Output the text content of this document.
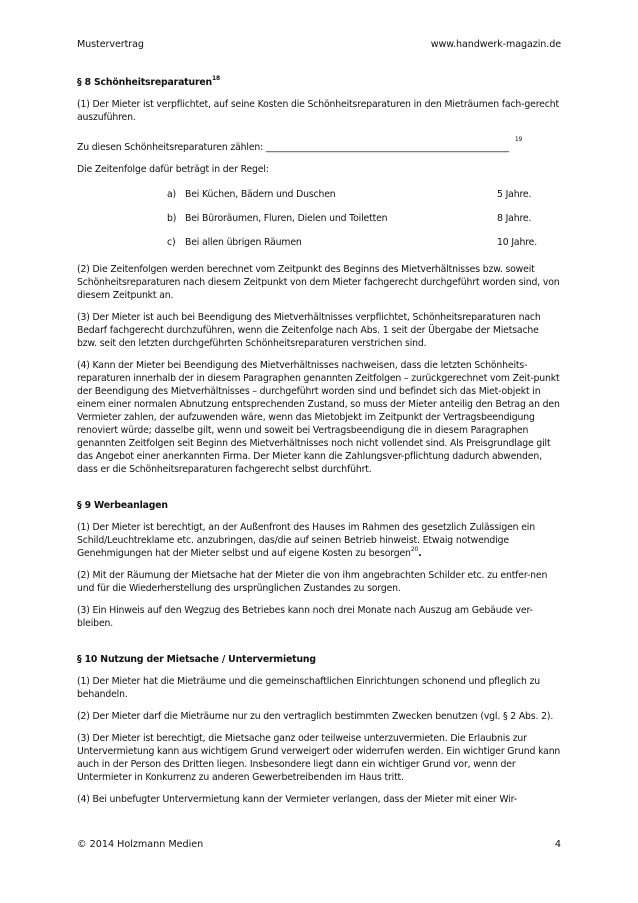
Mustervertrag	www.handwerk-magazin.de

§ 8 Schönheitsreparaturen$^{18}$

(1) Der Mieter ist verpflichtet, auf seine Kosten die Schönheitsreparaturen in den Mieträumen fach-gerecht auszuführen.

Zu diesen Schönheitsreparaturen zählen: ______________________________________________________$^{19}$

Die Zeitenfolge dafür beträgt in der Regel:

a) Bei Küchen, Bädern und Duschen	5 Jahre.
b) Bei Büroräumen, Fluren, Dielen und Toiletten	8 Jahre.
c)	Bei allen übrigen Räumen	10 Jahre.

(2) Die Zeitenfolgen werden berechnet vom Zeitpunkt des Beginns des Mietverhältnisses bzw. soweit Schönheitsreparaturen nach diesem Zeitpunkt von dem Mieter fachgerecht durchgeführt worden sind, von diesem Zeitpunkt an.

(3) Der Mieter ist auch bei Beendigung des Mietverhältnisses verpflichtet, Schönheitsreparaturen nach Bedarf fachgerecht durchzuführen, wenn die Zeitenfolge nach Abs. 1 seit der Übergabe der Mietsache bzw. seit den letzten durchgeführten Schönheitsreparaturen verstrichen sind.

(4) Kann der Mieter bei Beendigung des Mietverhältnisses nachweisen, dass die letzten Schönheits-reparaturen innerhalb der in diesem Paragraphen genannten Zeitfolgen – zurückgerechnet vom Zeit-punkt der Beendigung des Mietverhältnisses – durchgeführt worden sind und befindet sich das Miet-objekt in einem einer normalen Abnutzung entsprechenden Zustand, so muss der Mieter anteilig den Betrag an den Vermieter zahlen, der aufzuwenden wäre, wenn das Mietobjekt im Zeitpunkt der Vertragsbeendigung renoviert würde; dasselbe gilt, wenn und soweit bei Vertragsbeendigung die in diesem Paragraphen genannten Zeitfolgen seit Beginn des Mietverhältnisses noch nicht vollendet sind. Als Preisgrundlage gilt das Angebot einer anerkannten Firma. Der Mieter kann die Zahlungsver-pflichtung dadurch abwenden, dass er die Schönheitsreparaturen fachgerecht selbst durchführt.

§ 9 Werbeanlagen

(1) Der Mieter ist berechtigt, an der Außenfront des Hauses im Rahmen des gesetzlich Zulässigen ein Schild/Leuchtreklame etc. anzubringen, das/die auf seinen Betrieb hinweist. Etwaig notwendige Genehmigungen hat der Mieter selbst und auf eigene Kosten zu besorgen$^{20}$.

(2) Mit der Räumung der Mietsache hat der Mieter die von ihm angebrachten Schilder etc. zu entfer-nen und für die Wiederherstellung des ursprünglichen Zustandes zu sorgen.

(3) Ein Hinweis auf den Wegzug des Betriebes kann noch drei Monate nach Auszug am Gebäude ver-bleiben.

§ 10 Nutzung der Mietsache / Untervermietung

(1) Der Mieter hat die Mieträume und die gemeinschaftlichen Einrichtungen schonend und pfleglich zu behandeln.

(2) Der Mieter darf die Mieträume nur zu den vertraglich bestimmten Zwecken benutzen (vgl. § 2 Abs. 2).

(3) Der Mieter ist berechtigt, die Mietsache ganz oder teilweise unterzuvermieten. Die Erlaubnis zur Untervermietung kann aus wichtigem Grund verweigert oder widerrufen werden. Ein wichtiger Grund kann auch in der Person des Dritten liegen. Insbesondere liegt dann ein wichtiger Grund vor, wenn der Untermieter in Konkurrenz zu anderen Gewerbetreibenden im Haus tritt.

(4) Bei unbefugter Untervermietung kann der Vermieter verlangen, dass der Mieter mit einer Wir-

© 2014 Holzmann Medien	4
